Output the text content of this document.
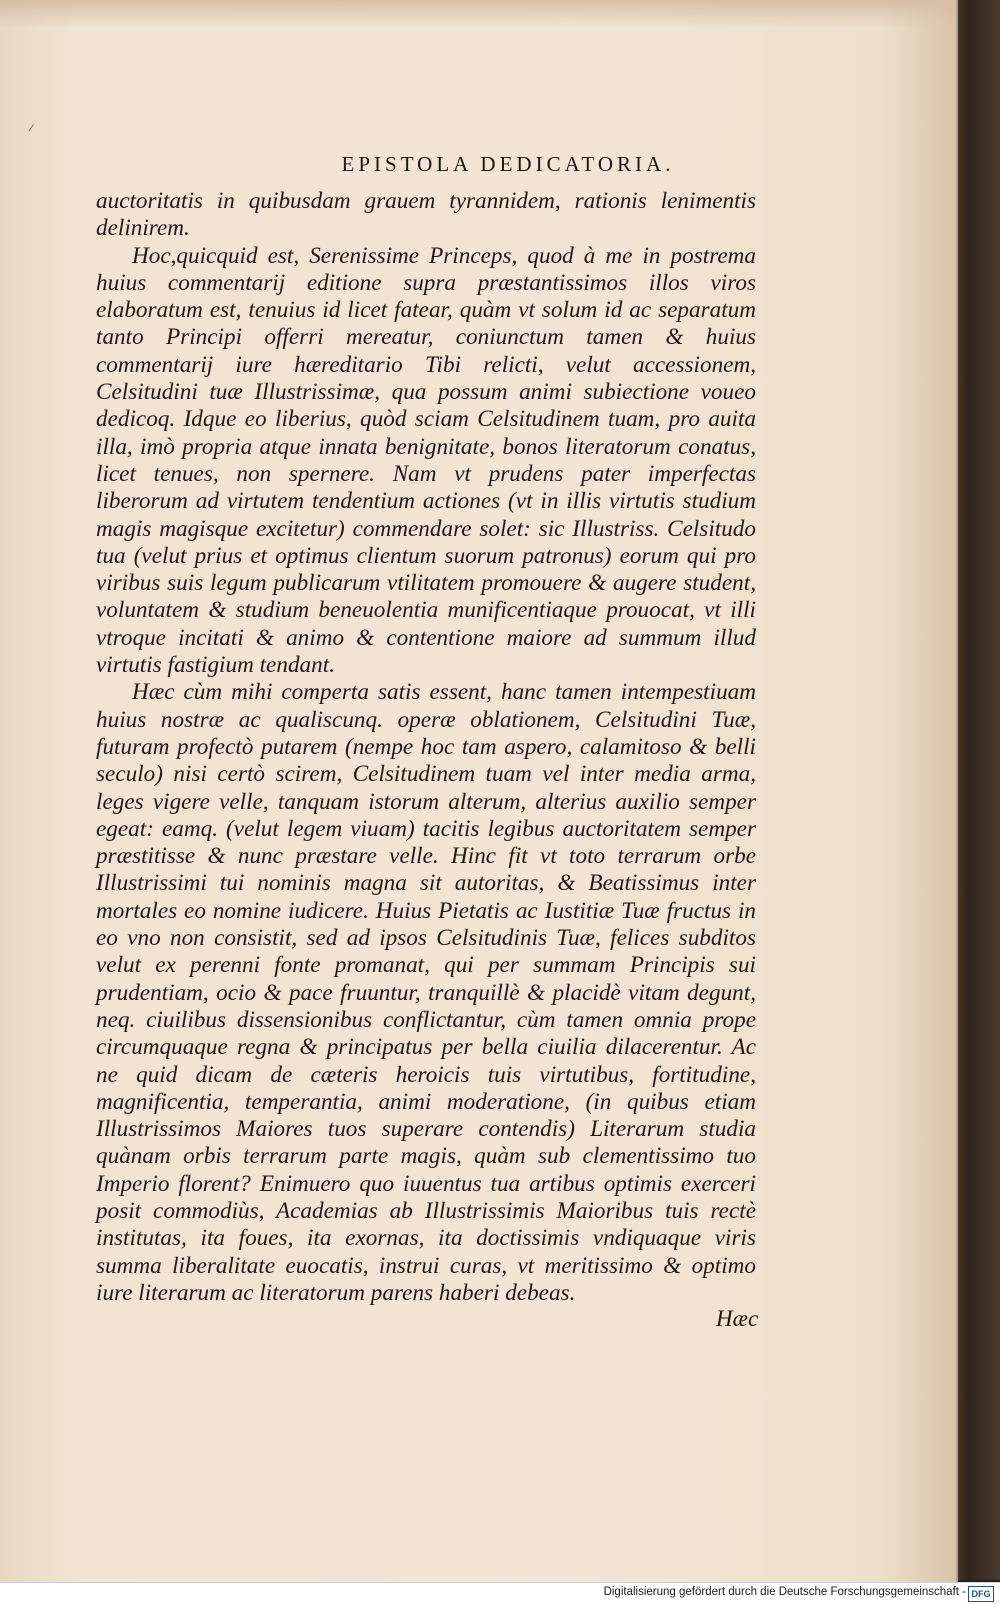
EPISTOLA DEDICATORIA.

auctoritatis in quibusdam grauem tyrannidem, rationis lenimentis delinirem.

Hoc,quicquid est, Serenissime Princeps, quod à me in postrema huius commentarij editione supra præstantissimos illos viros elaboratum est, tenuius id licet fatear, quàm vt solum id ac separatum tanto Principi offerri mereatur, coniunctum tamen & huius commentarij iure hæreditario Tibi relicti, velut accessionem, Celsitudini tuæ Illustrissimæ, qua possum animi subiectione voueo dedicoq. Idque eo liberius, quòd sciam Celsitudinem tuam, pro auita illa, imò propria atque innata benignitate, bonos literatorum conatus, licet tenues, non spernere. Nam vt prudens pater imperfectas liberorum ad virtutem tendentium actiones (vt in illis virtutis studium magis magisque excitetur) commendare solet: sic Illustriss. Celsitudo tua (velut prius et optimus clientum suorum patronus) eorum qui pro viribus suis legum publicarum vtilitatem promouere & augere student, voluntatem & studium beneuolentia munificentiaque prouocat, vt illi vtroque incitati & animo & contentione maiore ad summum illud virtutis fastigium tendant.

Hæc cùm mihi comperta satis essent, hanc tamen intempestiuam huius nostræ ac qualiscunq. operæ oblationem, Celsitudini Tuæ, futuram profectò putarem (nempe hoc tam aspero, calamitoso & belli seculo) nisi certò scirem, Celsitudinem tuam vel inter media arma, leges vigere velle, tanquam istorum alterum, alterius auxilio semper egeat: eamq. (velut legem viuam) tacitis legibus auctoritatem semper præstitisse & nunc præstare velle. Hinc fit vt toto terrarum orbe Illustrissimi tui nominis magna sit autoritas, & Beatissimus inter mortales eo nomine iudicere. Huius Pietatis ac Iustitiæ Tuæ fructus in eo vno non consistit, sed ad ipsos Celsitudinis Tuæ, felices subditos velut ex perenni fonte promanat, qui per summam Principis sui prudentiam, ocio & pace fruuntur, tranquillè & placidè vitam degunt, neq. ciuilibus dissensionibus conflictantur, cùm tamen omnia prope circumquaque regna & principatus per bella ciuilia dilacerentur. Ac ne quid dicam de cæteris heroicis tuis virtutibus, fortitudine, magnificentia, temperantia, animi moderatione, (in quibus etiam Illustrissimos Maiores tuos superare contendis) Literarum studia quànam orbis terrarum parte magis, quàm sub clementissimo tuo Imperio florent? Enimuero quo iuuentus tua artibus optimis exerceri posit commodiùs, Academias ab Illustrissimis Maioribus tuis rectè institutas, ita foues, ita exornas, ita doctissimis vndiquaque viris summa liberalitate euocatis, instrui curas, vt meritissimo & optimo iure literarum ac literatorum parens haberi debeas.

Hæc
Digitalisierung gefördert durch die Deutsche Forschungsgemeinschaft - DFG
